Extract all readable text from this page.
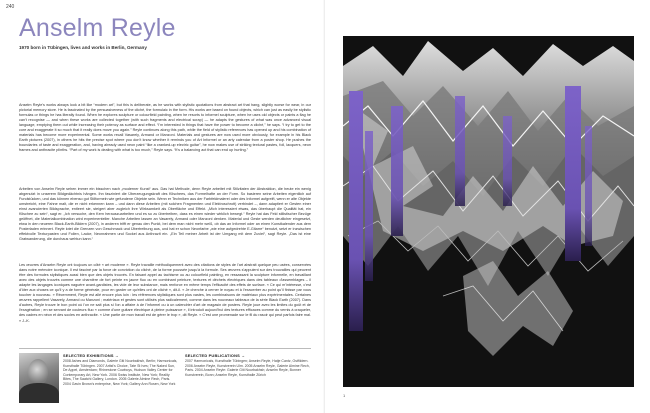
240
Anselm Reyle
1970 born in Tübingen, lives and works in Berlin, Germany

Anselm Reyle's works always look a bit like “modern art”, but this is deliberate, as he works with stylistic quotations from abstract art that hang, slightly worse for wear, in our pictorial memory store. He is fascinated by the persuasiveness of the cliché, the formulaic in the form. His works are based on found objects, which can just as easily be stylistic formulas or things he has literally found. When he explores sculpture or colourfield painting, when he resorts to informel sculpture, when he uses old objects or paints a flag he can't recognise — and when these works are collected together (with such fragments and electrical scrap) — he adapts the gestures of what was once advanced visual language, emptying them out while increasing their potency as surface and effect. “I'm interested in things that have the power to become a cliché,” he says. “I try to get to the core and exaggerate it so much that it really does move you again.” Reyle continues along this path, while the field of stylistic references has opened up and his combination of materials has become more experimental. Some works recall Vasarely, Armand or Manzoni. Materials and gestures are now used more obviously, for example in his Black Earth pictures (2007), in others he hits the precise spot where you don't know whether it reminds you of Art Informel or an arty calendar from a poster shop. He pushes the boundaries of taste and exaggeration, and, having already used neon paint “like a cranked-up electric guitar”, he now makes use of striking textural pastes, foil, lacquers, neon frames and anthracite plinths. “Part of my work is dealing with what is too much,” Reyle says. “It's a balancing act that can end up hurting.”

Arbeiten von Anselm Reyle sehen immer ein bisschen nach „moderner Kunst“ aus. Das hat Methode, denn Reyle arbeitet mit Stilzitaten der Abstraktion, die heute ein wenig abgenutzt in unserem Bildgedächtnis hängen. Ihn fasziniert die Überzeugungskraft des Klischees, das Formelhafte an der Form. So basieren seine Arbeiten eigentlich auf Fundstücken, und das können ebenso gut Stilformeln wie gefundene Objekte sein. Wenn er Techniken aus der Farbfeldmalerei oder des Informel aufgreift, wenn er alte Objekte umstreicht, eine Fahne malt, die er nicht erkennen kann – und dann diese Arbeiten (mit solchen Fragmenten und Elektroschrott) verbindet –, dann adaptiert er Gesten einer einst avancierten Bildsprache, entleert sie, steigert aber zugleich ihre Wirksamkeit als Oberfläche und Effekt. „Mich interessiert etwas, das überhaupt die Qualität hat, ein Klischee zu sein“, sagt er. „Ich versuche, den Kern herauszuarbeiten und es so zu übertreiben, dass es einen wieder wirklich bewegt.“ Reyle hat das Feld stilistischer Bezüge geöffnet, die Materialkombination wird experimenteller. Manche Arbeiten lassen an Vasarely, Armand oder Manzoni denken. Material und Geste werden deutlicher eingesetzt, etwa in den neueren Black-Earth-Bildern (2007), in anderen trifft er genau den Punkt, bei dem man nicht mehr weiß, ob das an Informel oder an einen Kunstkalender aus dem Posterladen erinnert. Reyle lotet die Grenzen von Geschmack und Übertreibung aus, und hat er schon Neonfarbe „wie eine aufgedrehte E-Gitarre“ benutzt, setzt er inzwischen effektvolle Texturpasten und Folien, Lacke, Neonrahmen und Sockel aus Anthrazit ein. „Ein Teil meiner Arbeit ist der Umgang mit dem Zuviel“, sagt Reyle. „Das ist eine Gratwanderung, die durchaus wehtun kann.“

Les œuvres d'Anselm Reyle ont toujours un côté « art moderne ». Reyle travaille méthodiquement avec des citations de styles de l'art abstrait quelque peu usées, conservées dans notre mémoire iconique. Il est fasciné par la force de conviction du cliché, de la forme poussée jusqu'à la formule. Ses œuvres s'appuient sur des trouvailles qui peuvent être des formules stylistiques aussi bien que des objets trouvés. En faisant appel au tachisme ou au colourfield painting, en ressassant la sculpture informelle, en travaillant avec des objets trouvés comme une charnière de fort peinte en jaune fluo ou en combinant peinture, textures et déchets électriques dans des tableaux d'assemblages – il adapte les langages iconiques naguère avant-gardistes, les vide de leur substance, mais renforce en même temps l'efficacité des effets de surface. « Ce qui m'intéresse, c'est d'ôter aux choses ce qu'il y a de forme générale, pour en garder ce qu'elles ont de cliché », dit-il. « Je cherche à cerner le noyau et à l'exacerber au point qu'il finisse par vous toucher à nouveau. » Récemment, Reyle est allé encore plus loin : les références stylistiques sont plus vastes, les combinaisons de matériaux plus expérimentales. Certaines œuvres rappellent Vasarely, Armand ou Manzoni ; matériaux et gestes sont utilisés plus radicalement, comme dans les nouveaux tableaux de la série Black Earth (2007). Dans d'autres, Reyle trouve le bon point où l'on ne sait plus si l'on a affaire à de l'informel ou à un calendrier d'art de magasin de posters. Reyle joue avec les limites du goût et de l'exagération ; en se servant de couleurs fluo « comme d'une guitare électrique à pleine puissance », il introduit aujourd'hui des textures efficaces comme du vernis à craqueler, des cadres en néon et des socles en anthracite. « Une partie de mon travail est de gérer le trop », dit Reyle. « C'est une promenade sur le fil du rasoir qui peut parfois faire mal. » J.-K.

SELECTED EXHIBITIONS →

2008 Ashes and Diamonds, Galerie Giti Nourbakhsh, Berlin; Harmonicals, Kunsthalle Tübingen. 2007 Artist's Choice, Tate St Ives; The Naked Sun, De Appel, Amsterdam; Rhinestone Cowboys, Hudson Valley Center for Contemporary Art, New York. 2006 Swiss Institute, New York; Reality Bites, The Saatchi Gallery, London. 2005 Galerie Almine Rech, Paris. 2004 Gavin Brown's enterprise, New York; Gallery Ann Rosen, New York

SELECTED PUBLICATIONS →

2007 Harmonicals, Kunsthalle Tübingen; Anselm Reyle, Hatje Cantz, Ostfildern. 2006 Anselm Reyle, Kunstverein Ulm. 2005 Anselm Reyle, Galerie Almine Rech, Paris. 2004 Anselm Reyle: Galerie Giti Nourbakhsh; Anselm Reyle, Bonner Kunstverein, Bonn; Anselm Reyle, Kunsthalle Zürich

1
